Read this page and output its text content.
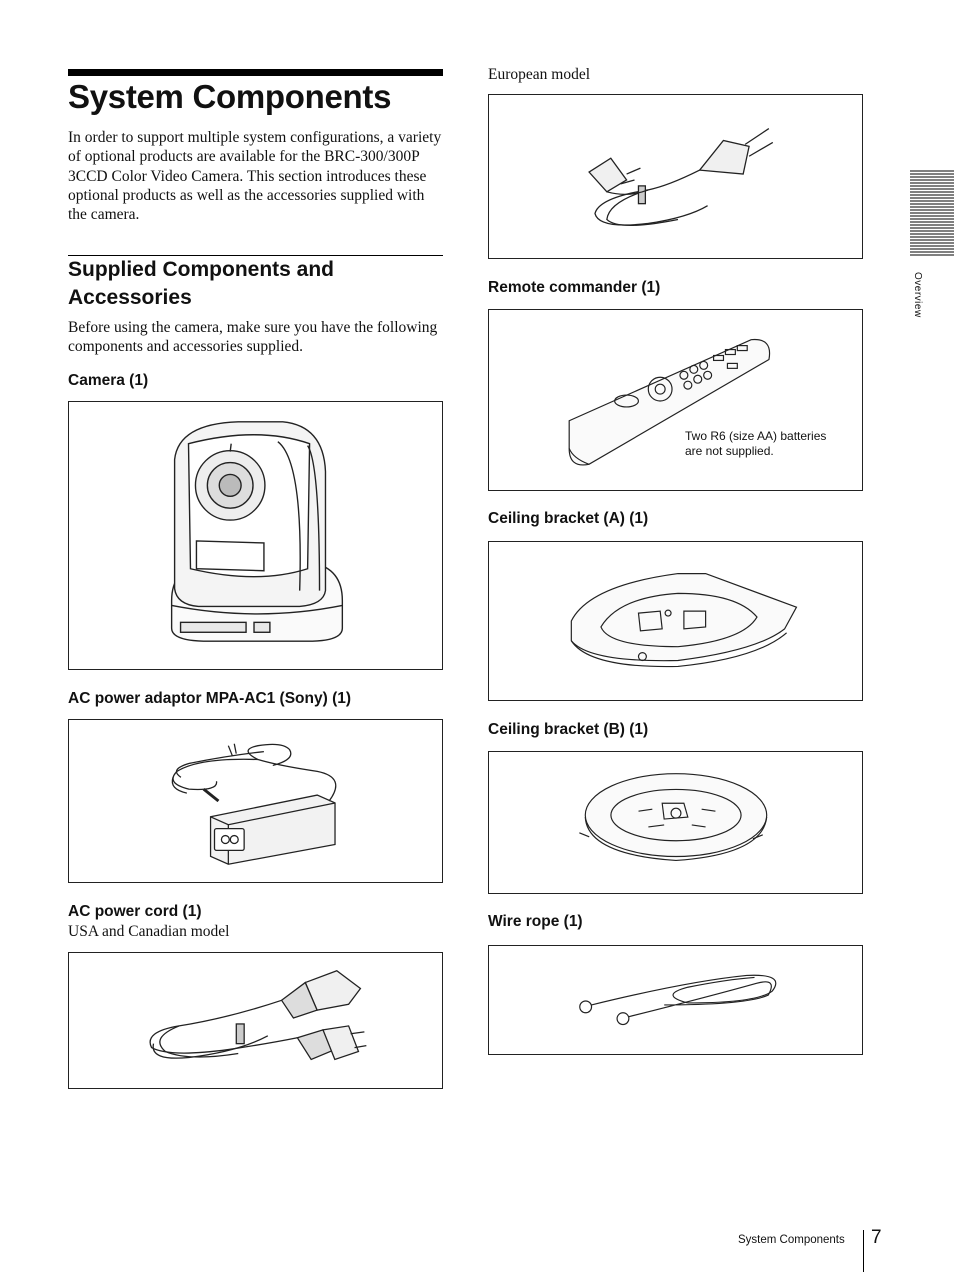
System Components
In order to support multiple system configurations, a variety of optional products are available for the BRC-300/300P 3CCD Color Video Camera. This section introduces these optional products as well as the accessories supplied with the camera.
Supplied Components and Accessories
Before using the camera, make sure you have the following components and accessories supplied.
Camera (1)
AC power adaptor MPA-AC1 (Sony) (1)
AC power cord (1)
USA and Canadian model
European model
Remote commander (1)
Two R6 (size AA) batteries
are not supplied.
Ceiling bracket (A) (1)
Ceiling bracket (B) (1)
Wire rope (1)
Overview
System Components 7
